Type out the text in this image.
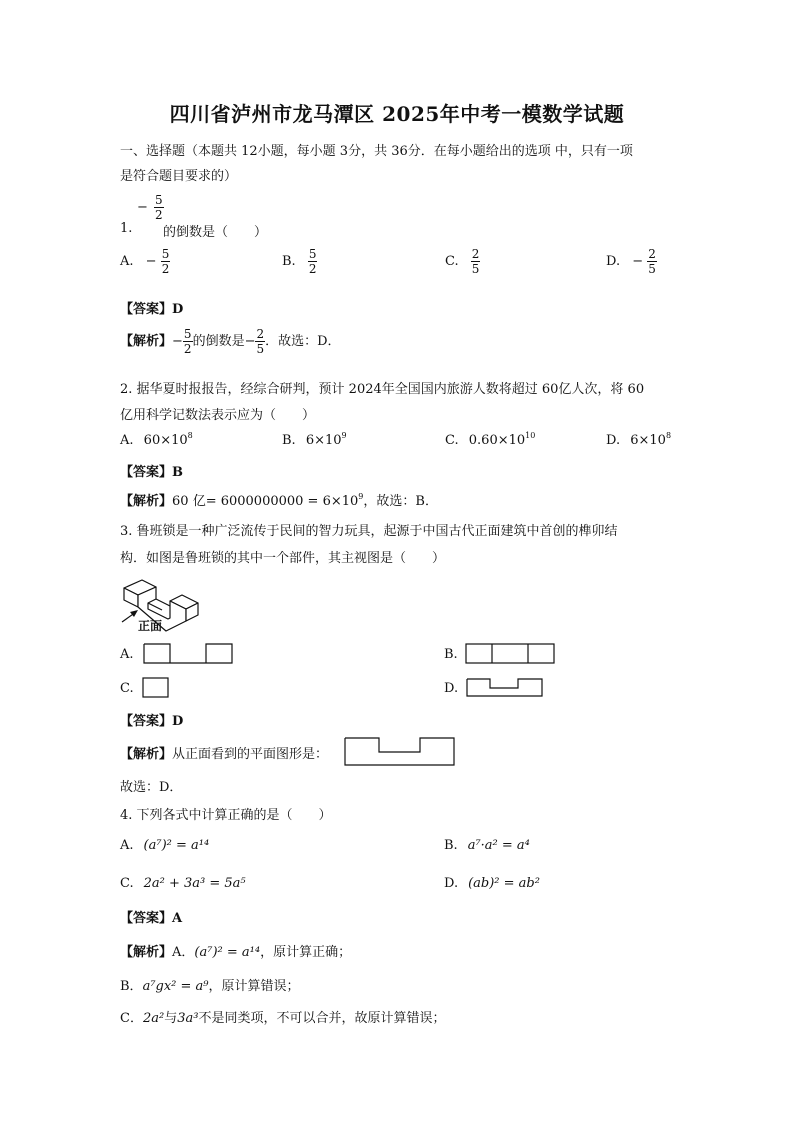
四川省泸州市龙马潭区 2025年中考一模数学试题
一、选择题（本题共 12小题，每小题 3分，共 36分．在每小题给出的选项 中，只有一项
是符合题目要求的）
− $\frac{5}{2}$
1. 的倒数是（　　）
A. − $\frac{5}{2}$	B. $\frac{5}{2}$	C. $\frac{2}{5}$	D. − $\frac{2}{5}$
【答案】D
【解析】− $\frac{5}{2}$ 的倒数是− $\frac{2}{5}$ ．故选：D．
2. 据华夏时报报告，经综合研判，预计 2024年全国国内旅游人数将超过 60亿人次，将 60
亿用科学记数法表示应为（　　）
A. $60\times 10^8$	B. $6\times 10^9$	C. $0.60\times 10^{10}$	D. $6\times 10^8$
【答案】B
【解析】60 亿= $6000000000 = 6\times 10^9$，故选：B．
3. 鲁班锁是一种广泛流传于民间的智力玩具，起源于中国古代正面建筑中首创的榫卯结
构．如图是鲁班锁的其中一个部件，其主视图是（　　）
正面
A.	B.
C.	D.
【答案】D
【解析】从正面看到的平面图形是：
故选：D．
4. 下列各式中计算正确的是（　　）
A. (a⁷)² = a¹⁴	B. a⁷·a² = a⁴
C. 2a² + 3a³ = 5a⁵	D. (ab)² = ab²
【答案】A
【解析】A．(a⁷)² = a¹⁴，原计算正确；
B．a⁷gx² = a⁹，原计算错误；
C．2a²与3a³不是同类项，不可以合并，故原计算错误；
